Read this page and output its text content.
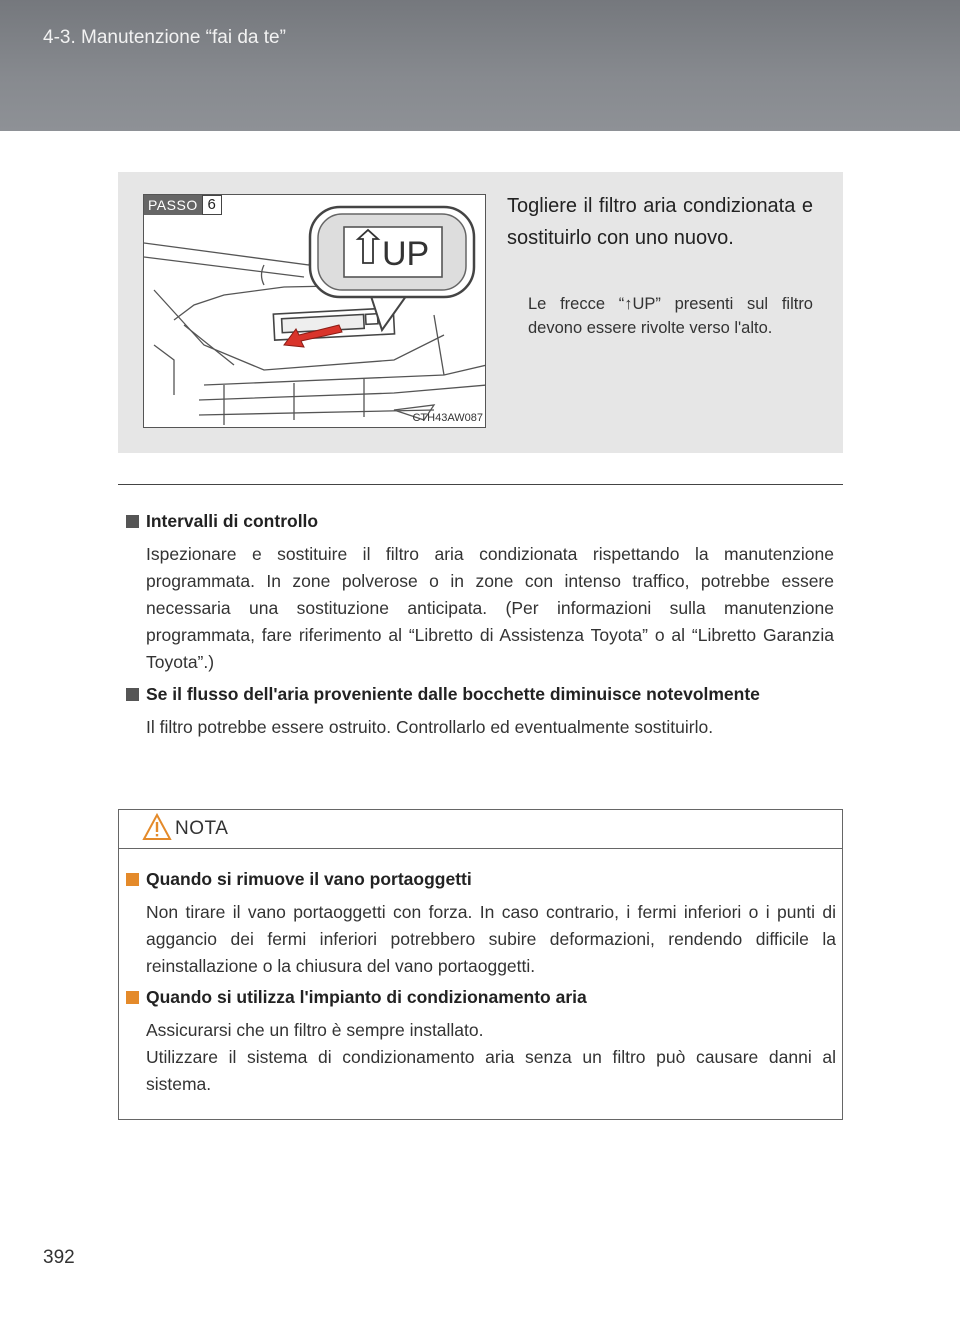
4-3. Manutenzione “fai da te”
UP
PASSO 6
CTH43AW087
Togliere il filtro aria condizionata e sostituirlo con uno nuovo.
Le frecce “↑UP” presenti sul filtro devono essere rivolte verso l'alto.
Intervalli di controllo
Ispezionare e sostituire il filtro aria condizionata rispettando la manutenzione programmata. In zone polverose o in zone con intenso traffico, potrebbe essere necessaria una sostituzione anticipata. (Per informazioni sulla manutenzione programmata, fare riferimento al “Libretto di Assistenza Toyota” o al “Libretto Garanzia Toyota”.)
Se il flusso dell'aria proveniente dalle bocchette diminuisce notevolmente
Il filtro potrebbe essere ostruito. Controllarlo ed eventualmente sostituirlo.
NOTA
Quando si rimuove il vano portaoggetti
Non tirare il vano portaoggetti con forza. In caso contrario, i fermi inferiori o i punti di aggancio dei fermi inferiori potrebbero subire deformazioni, rendendo difficile la reinstallazione o la chiusura del vano portaoggetti.
Quando si utilizza l'impianto di condizionamento aria
Assicurarsi che un filtro è sempre installato.
Utilizzare il sistema di condizionamento aria senza un filtro può causare danni al sistema.
392
